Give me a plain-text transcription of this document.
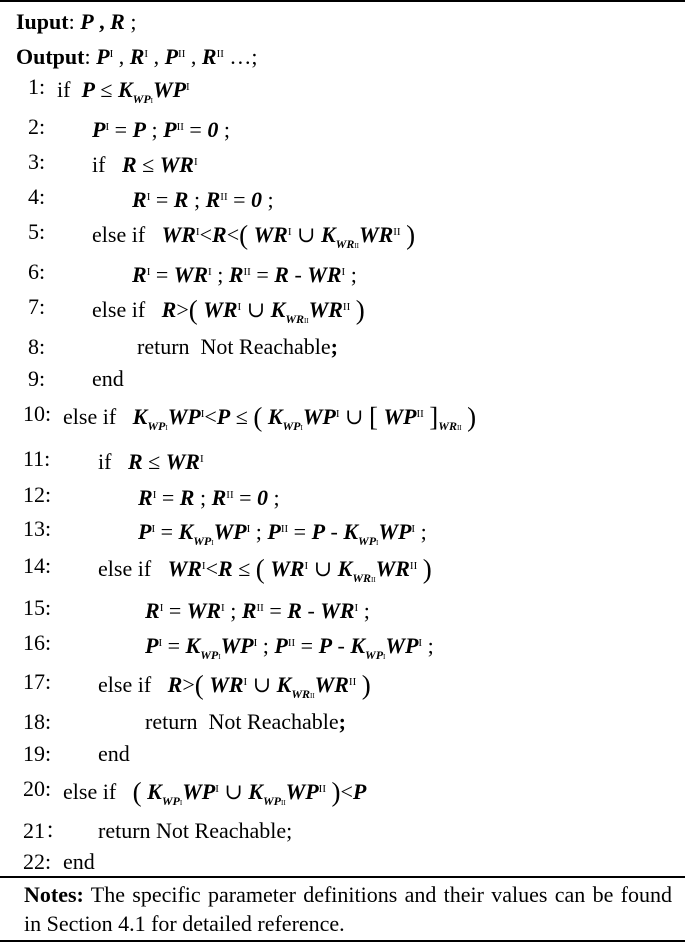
Iuput: P , R ;
Output: $P^I$ , $R^I$ , $P^{II}$ , $R^{II}$ …;
1: if  $P \le K_{WPI}WP^I$
2: $P^I = P$ ; $P^{II} = 0$ ;
3: if   $R \le WR^I$
4:	$R^I = R$ ; $R^{II} = 0$ ;
5: else if   $WR^I<R<$( $WR^I$ ∪ $K_{WRII}WR^{II}$ )
6:	$R^I = WR^I$ ; $R^{II} = R - WR^I$ ;
7: else if   R>( $WR^I$ ∪ $K_{WRII}WR^{II}$ )
8:	return  Not Reachable;
9: end
10: else if   $K_{WPI}WP^I<P$ ≤ ( $K_{WPI}WP^I$ ∪ [ $WP^{II}$ ]$_{WRII}$ )
11: if   $R \le WR^I$
12:	$R^I = R$ ; $R^{II} = 0$ ;
13:	$P^I = K_{WPI}WP^I$ ; $P^{II} = P - K_{WPI}WP^I$ ;
14: else if   $WR^I<R$ ≤ ( $WR^I$ ∪ $K_{WRII}WR^{II}$ )
15:	$R^I = WR^I$ ; $R^{II} = R - WR^I$ ;
16:	$P^I = K_{WPI}WP^I$ ; $P^{II} = P - K_{WPI}WP^I$ ;
17: else if   R>( $WR^I$ ∪ $K_{WRII}WR^{II}$ )
18:	return  Not Reachable;
19: end
20: else if   ( $K_{WPI}WP^I$ ∪ $K_{WPII}WP^{II}$ )<P
21： return Not Reachable;
22: end
Notes: The specific parameter definitions and their values can be found in Section 4.1 for detailed reference.
